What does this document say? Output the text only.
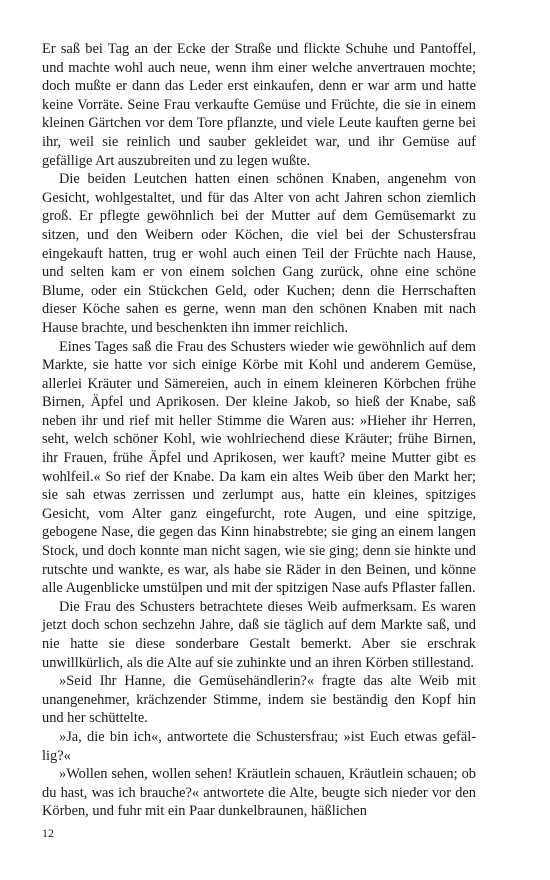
Er saß bei Tag an der Ecke der Straße und flickte Schuhe und Pantoffel, und machte wohl auch neue, wenn ihm einer welche anvertrauen mochte; doch mußte er dann das Leder erst einkaufen, denn er war arm und hatte keine Vorräte. Seine Frau verkaufte Gemüse und Früchte, die sie in einem kleinen Gärtchen vor dem Tore pflanzte, und viele Leute kauften gerne bei ihr, weil sie reinlich und sauber gekleidet war, und ihr Gemüse auf gefällige Art auszubreiten und zu legen wußte.

Die beiden Leutchen hatten einen schönen Knaben, angenehm von Gesicht, wohlgestaltet, und für das Alter von acht Jahren schon ziemlich groß. Er pflegte gewöhnlich bei der Mutter auf dem Gemüsemarkt zu sitzen, und den Weibern oder Köchen, die viel bei der Schustersfrau eingekauft hatten, trug er wohl auch einen Teil der Früchte nach Hause, und selten kam er von einem solchen Gang zurück, ohne eine schöne Blume, oder ein Stückchen Geld, oder Kuchen; denn die Herrschaften dieser Köche sahen es gerne, wenn man den schönen Knaben mit nach Hause brachte, und beschenkten ihn immer reichlich.

Eines Tages saß die Frau des Schusters wieder wie gewöhnlich auf dem Markte, sie hatte vor sich einige Körbe mit Kohl und anderem Gemüse, allerlei Kräuter und Sämereien, auch in einem kleineren Körbchen frühe Birnen, Äpfel und Aprikosen. Der kleine Jakob, so hieß der Knabe, saß neben ihr und rief mit heller Stimme die Waren aus: »Hieher ihr Herren, seht, welch schöner Kohl, wie wohlriechend diese Kräuter; frühe Birnen, ihr Frauen, frühe Äpfel und Aprikosen, wer kauft? meine Mutter gibt es wohlfeil.« So rief der Knabe. Da kam ein altes Weib über den Markt her; sie sah etwas zerrissen und zerlumpt aus, hatte ein kleines, spitziges Gesicht, vom Alter ganz eingefurcht, rote Augen, und eine spitzige, gebogene Nase, die gegen das Kinn hinabstrebte; sie ging an einem langen Stock, und doch konnte man nicht sagen, wie sie ging; denn sie hinkte und rutschte und wankte, es war, als habe sie Räder in den Beinen, und könne alle Augenblicke umstülpen und mit der spitzigen Nase aufs Pflaster fallen.

Die Frau des Schusters betrachtete dieses Weib aufmerksam. Es waren jetzt doch schon sechzehn Jahre, daß sie täglich auf dem Markte saß, und nie hatte sie diese sonderbare Gestalt bemerkt. Aber sie erschrak unwillkürlich, als die Alte auf sie zuhinkte und an ihren Körben stillestand.

»Seid Ihr Hanne, die Gemüsehändlerin?« fragte das alte Weib mit unangenehmer, krächzender Stimme, indem sie beständig den Kopf hin und her schüttelte.

»Ja, die bin ich«, antwortete die Schustersfrau; »ist Euch etwas gefällig?«

»Wollen sehen, wollen sehen! Kräutlein schauen, Kräutlein schauen; ob du hast, was ich brauche?« antwortete die Alte, beugte sich nieder vor den Körben, und fuhr mit ein Paar dunkelbraunen, häßlichen

12
